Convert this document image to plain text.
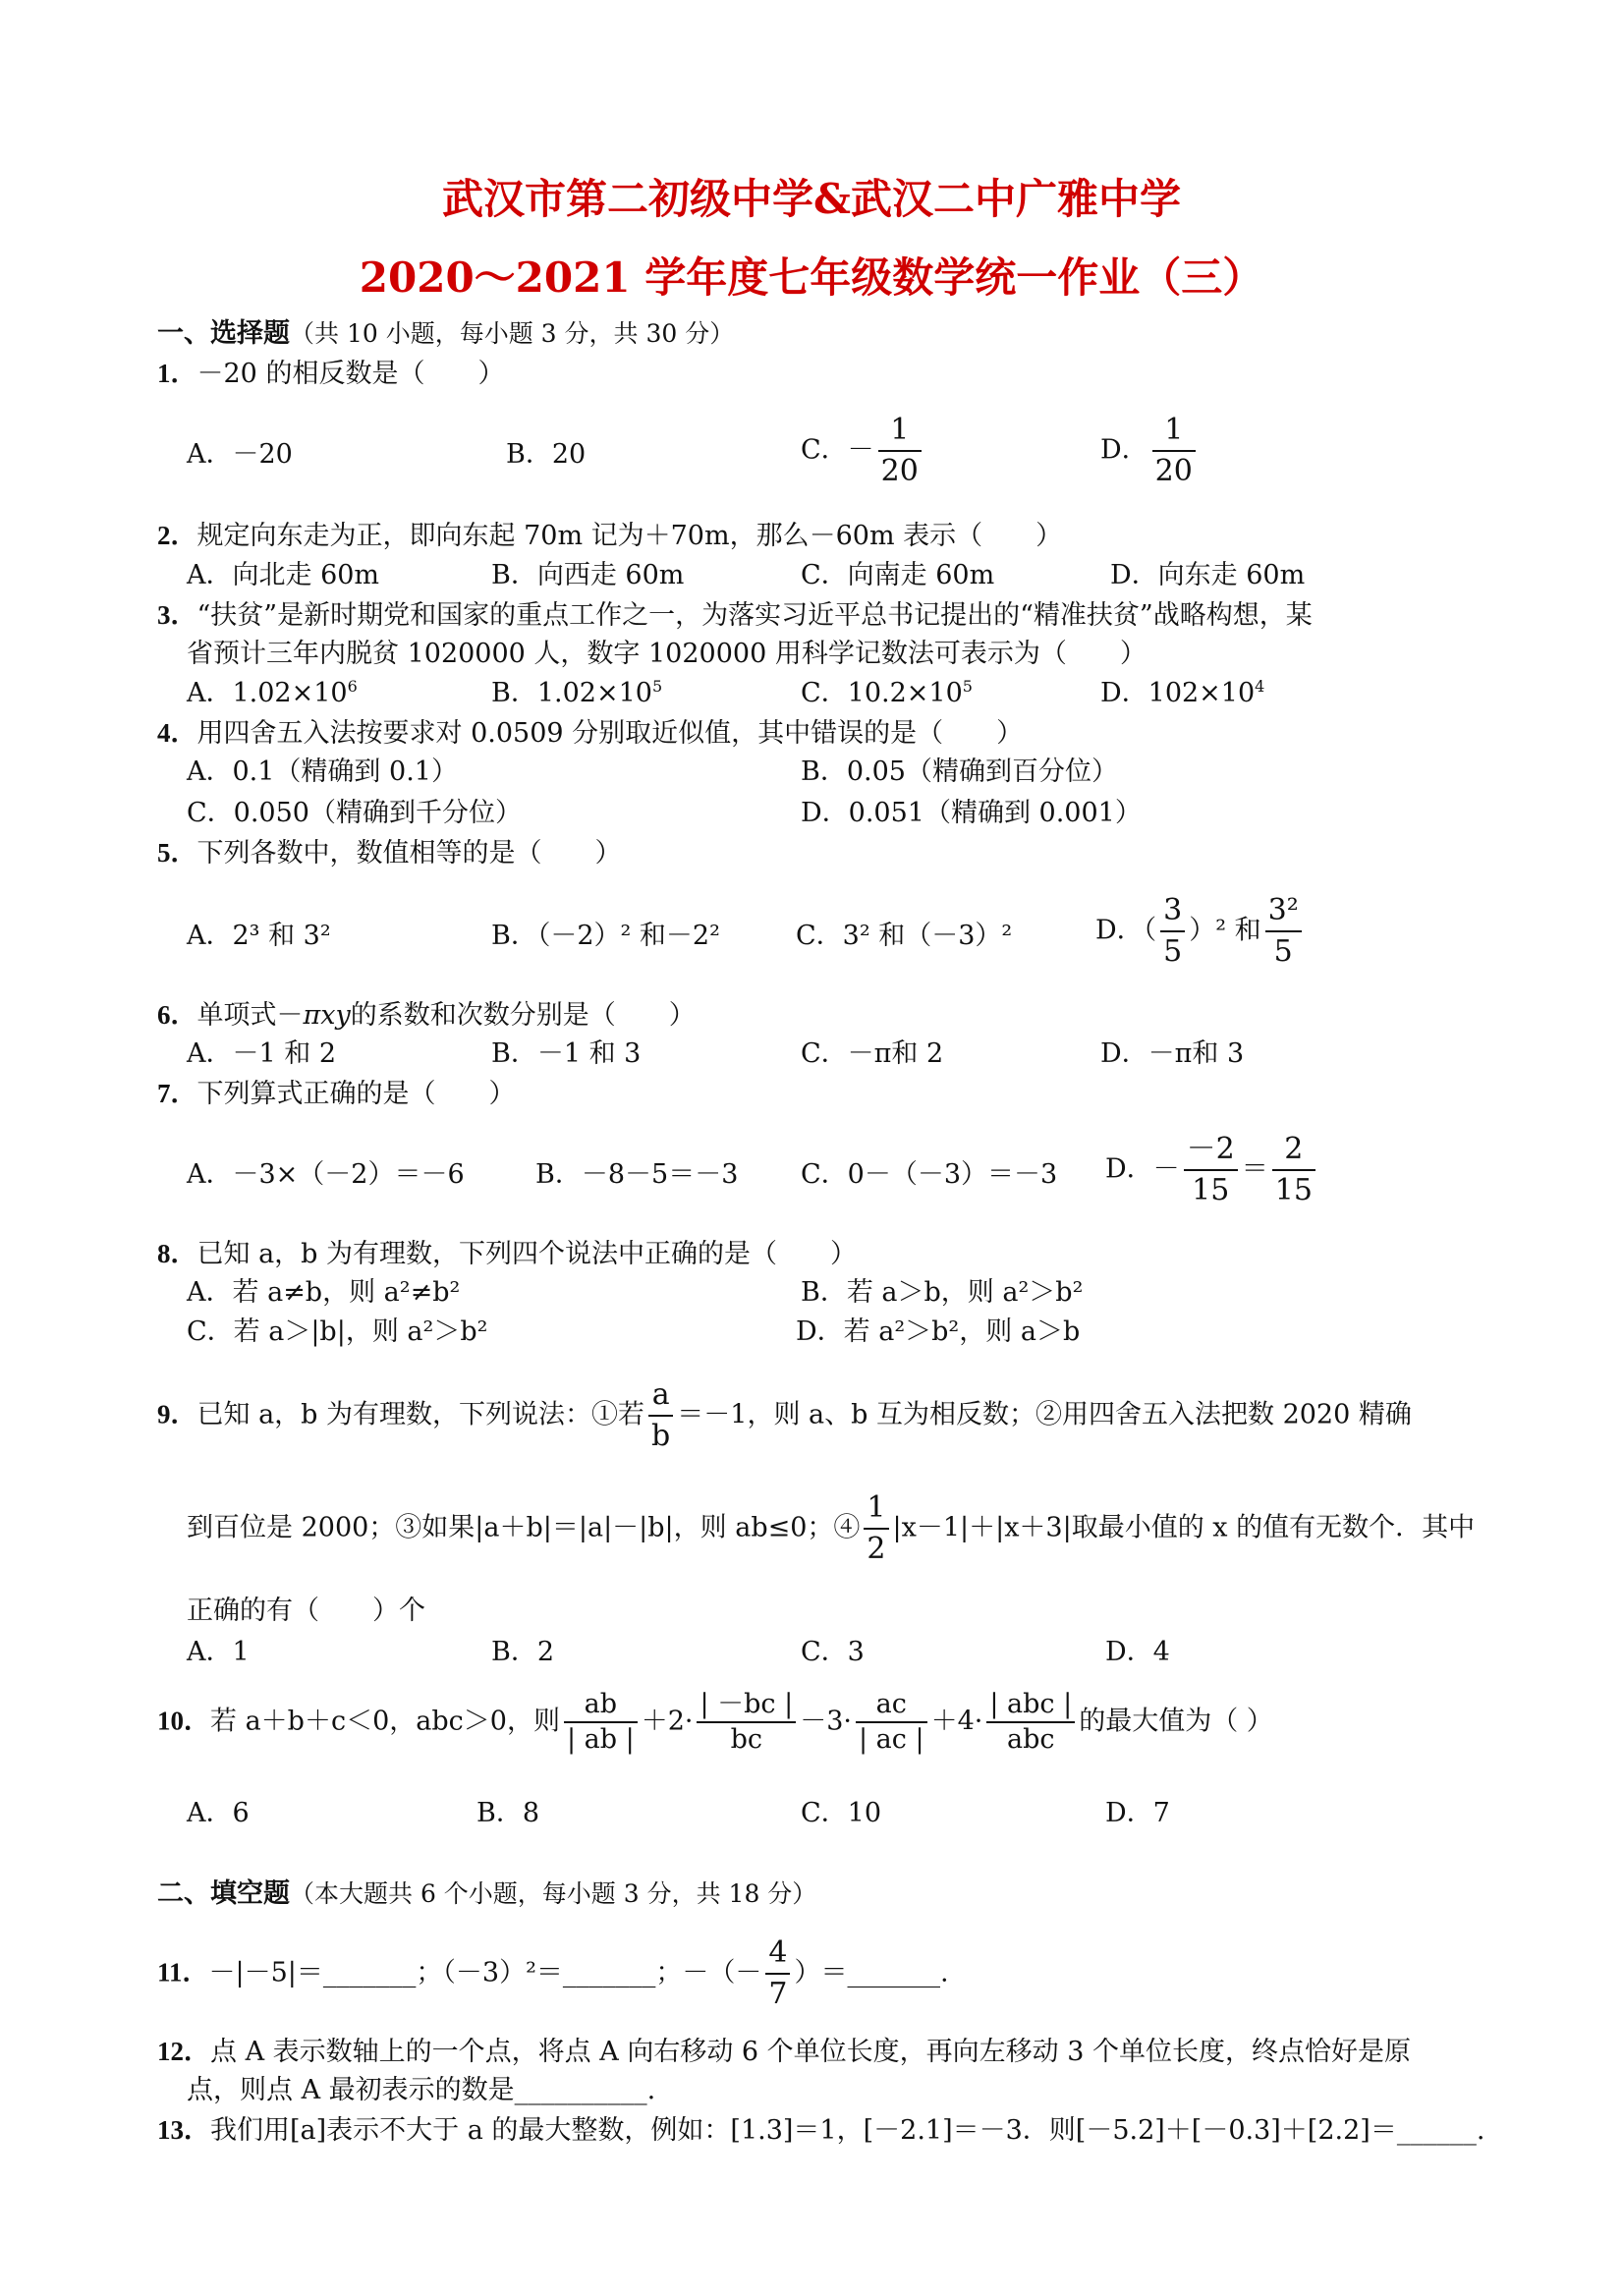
武汉市第二初级中学&武汉二中广雅中学
2020～2021 学年度七年级数学统一作业（三）
一、选择题（共 10 小题，每小题 3 分，共 30 分）
1．－20 的相反数是（　　）
A．－20	B．20	C．－ $\frac{1}{20}$	D． $\frac{1}{20}$
2．规定向东走为正，即向东起 70m 记为＋70m，那么－60m 表示（　　）
A．向北走 60m	B．向西走 60m	C．向南走 60m	D．向东走 60m
3．“扶贫”是新时期党和国家的重点工作之一，为落实习近平总书记提出的“精准扶贫”战略构想，某
省预计三年内脱贫 1020000 人，数字 1020000 用科学记数法可表示为（　　）
A．$1.02\times 10^6$	B．$1.02\times 10^5$	C．$10.2\times 10^5$	D．$102\times 10^4$
4．用四舍五入法按要求对 0.0509 分别取近似值，其中错误的是（　　）
A．0.1（精确到 0.1）	B．0.05（精确到百分位）
C．0.050（精确到千分位）	D．0.051（精确到 0.001）
5．下列各数中，数值相等的是（　　）
A．2³ 和 3²	B．（－2）² 和－2²	C．3² 和（－3）²	D．（ $\frac{3}{5} )^2$ 和 $\frac{\text{3²}}{5}$
6．单项式－πxy的系数和次数分别是（　　）
A．－1 和 2	B．－1 和 3	C．－π和 2	D．－π和 3
7．下列算式正确的是（　　）
A．－3×（－2）＝－6	B．－8－5＝－3 C．0－（－3）＝－3 D．－ $\frac{-2}{15} = \frac{2}{15}$
8．已知 a，b 为有理数，下列四个说法中正确的是（　　）
A．若 a≠b，则 a²≠b²	B．若 a＞b，则 a²＞b²
C．若 a＞|b|，则 a²＞b²	D．若 a²＞b²，则 a＞b
9．已知 a，b 为有理数，下列说法：①若 $\frac{a}{b} =-1$，则 a、b 互为相反数；②用四舍五入法把数 2020 精确
到百位是 2000；③如果|a＋b|＝|a|－|b|，则 ab≤0；④ $\frac{1}{2} |x-1|+|x+3|$取最小值的 x 的值有无数个．其中
正确的有（　　）个
A．1	B．2	C．3	D．4
10．若 a＋b＋c＜0，abc＞0，则 $\frac{ab}{| ab |} +2\cdot \frac{| -bc |}{bc} -3\cdot \frac{ac}{| ac |} +4\cdot \frac{\text{| abc |}}{\text{abc}}$ 的最大值为（ ）
A．6	B．8	C．10	D．7
二、填空题（本大题共 6 个小题，每小题 3 分，共 18 分）
11．－|－5|＝_______；（－3）²＝_______；－（－ $\frac{4}{7}$ ）＝_______.
12．点 A 表示数轴上的一个点，将点 A 向右移动 6 个单位长度，再向左移动 3 个单位长度，终点恰好是原
点，则点 A 最初表示的数是__________.
13．我们用[a]表示不大于 a 的最大整数，例如：[1.3]＝1，[－2.1]＝－3．则[－5.2]＋[－0.3]＋[2.2]＝______.
